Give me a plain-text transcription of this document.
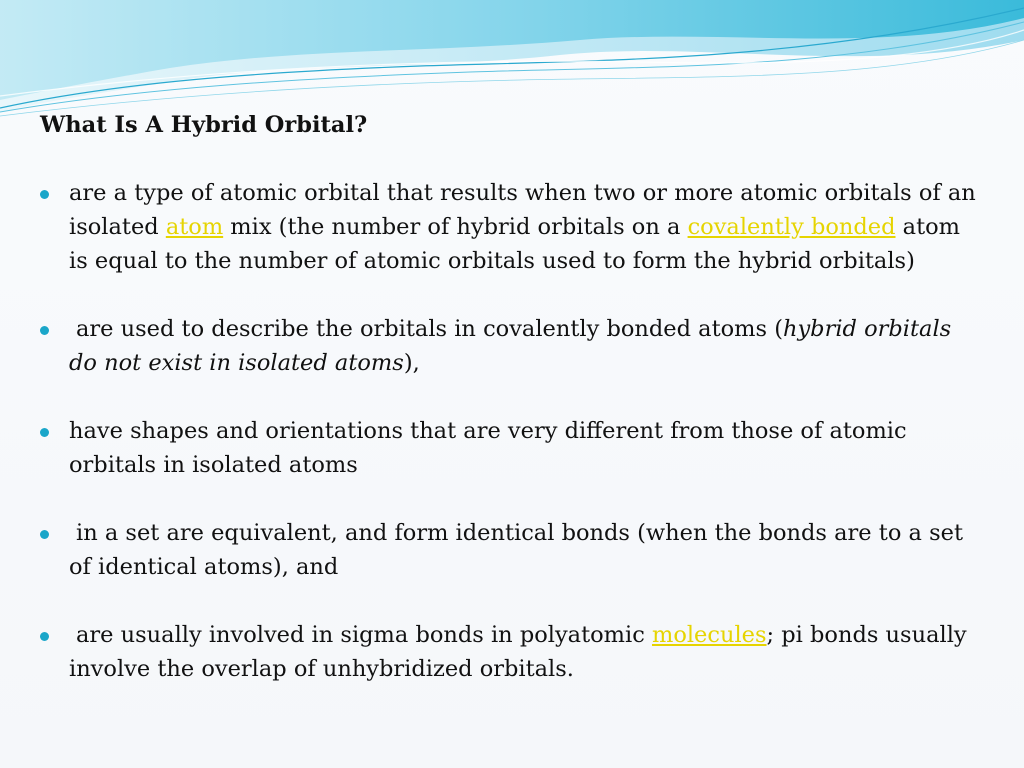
What Is A Hybrid Orbital?
are a type of atomic orbital that results when two or more atomic orbitals of an isolated atom mix (the number of hybrid orbitals on a covalently bonded atom is equal to the number of atomic orbitals used to form the hybrid orbitals)
are used to describe the orbitals in covalently bonded atoms (hybrid orbitals do not exist in isolated atoms),
have shapes and orientations that are very different from those of atomic orbitals in isolated atoms
in a set are equivalent, and form identical bonds (when the bonds are to a set of identical atoms), and
are usually involved in sigma bonds in polyatomic molecules; pi bonds usually involve the overlap of unhybridized orbitals.
